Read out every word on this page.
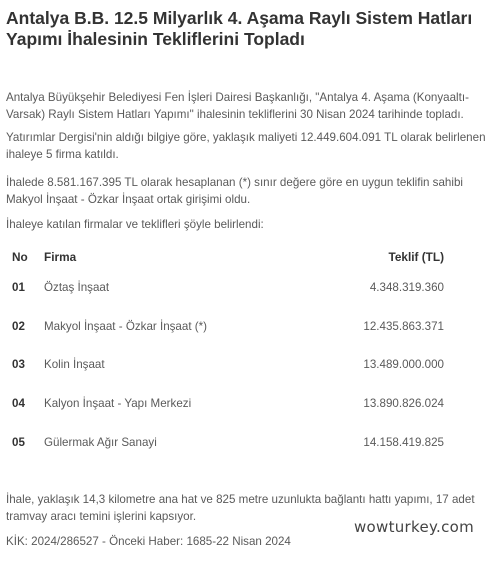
Antalya B.B. 12.5 Milyarlık 4. Aşama Raylı Sistem Hatları Yapımı İhalesinin Tekliflerini Topladı

Antalya Büyükşehir Belediyesi Fen İşleri Dairesi Başkanlığı, "Antalya 4. Aşama (Konyaaltı-Varsak) Raylı Sistem Hatları Yapımı" ihalesinin tekliflerini 30 Nisan 2024 tarihinde topladı.

Yatırımlar Dergisi'nin aldığı bilgiye göre, yaklaşık maliyeti 12.449.604.091 TL olarak belirlenen ihaleye 5 firma katıldı.

İhalede 8.581.167.395 TL olarak hesaplanan (*) sınır değere göre en uygun teklifin sahibi Makyol İnşaat - Özkar İnşaat ortak girişimi oldu.

İhaleye katılan firmalar ve teklifleri şöyle belirlendi:

No	Firma	Teklif (TL)
01	Öztaş İnşaat	4.348.319.360
02	Makyol İnşaat - Özkar İnşaat (*)	12.435.863.371
03	Kolin İnşaat	13.489.000.000
04	Kalyon İnşaat - Yapı Merkezi	13.890.826.024
05	Gülermak Ağır Sanayi	14.158.419.825

İhale, yaklaşık 14,3 kilometre ana hat ve 825 metre uzunlukta bağlantı hattı yapımı, 17 adet tramvay aracı temini işlerini kapsıyor.

KİK: 2024/286527 - Önceki Haber: 1685-22 Nisan 2024

wowturkey.com
